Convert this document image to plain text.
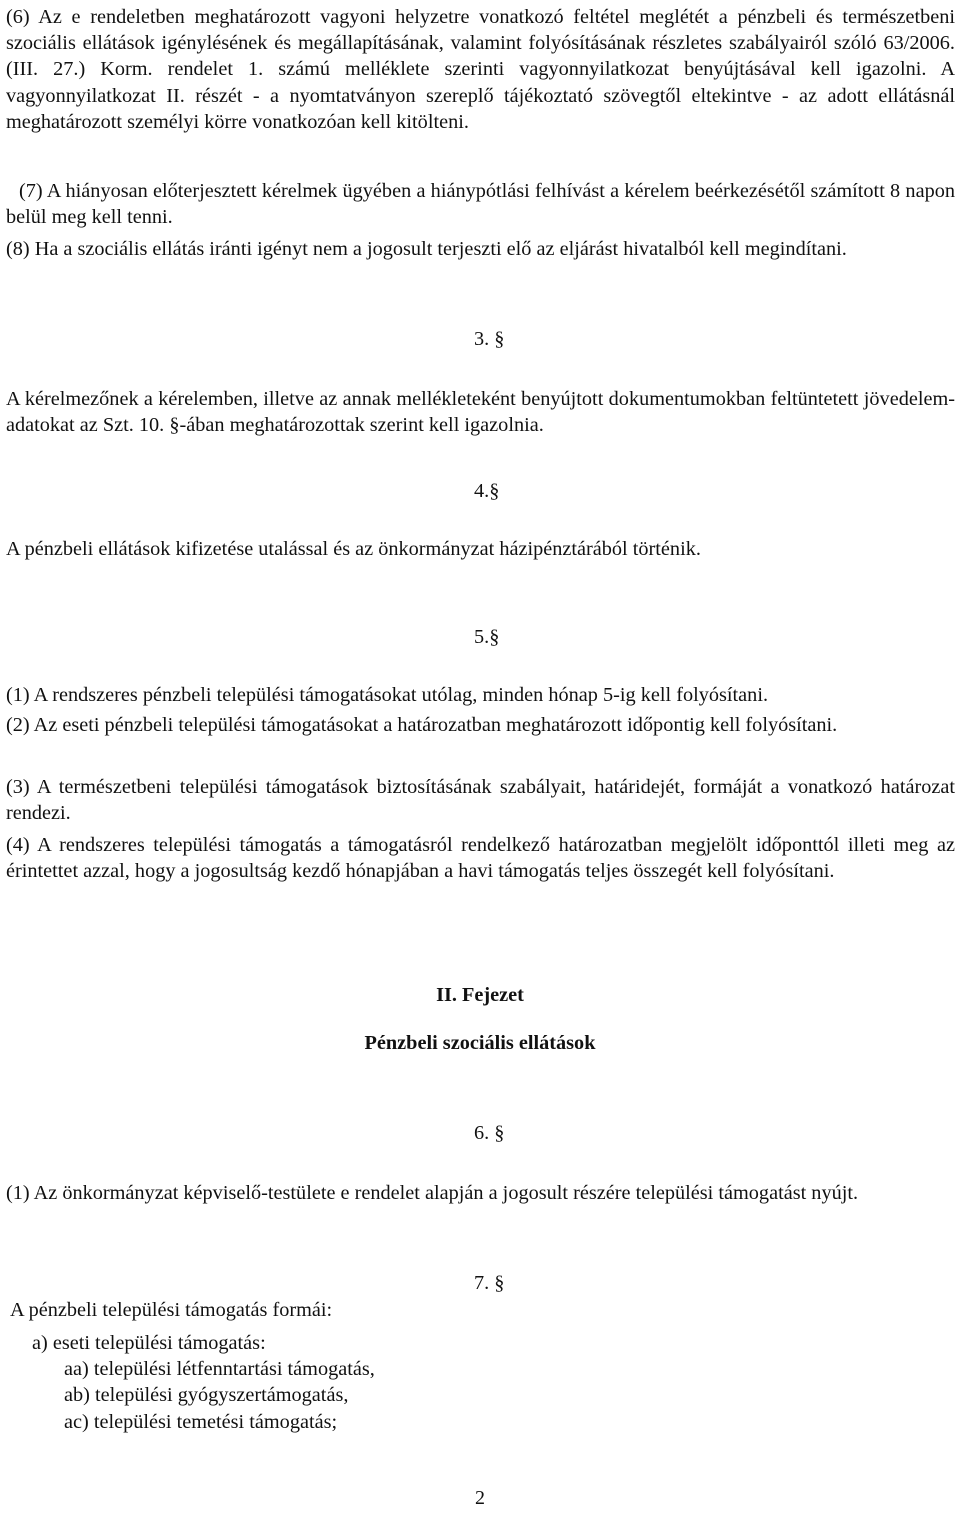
(6) Az e rendeletben meghatározott vagyoni helyzetre vonatkozó feltétel meglétét a pénzbeli és természetbeni szociális ellátások igénylésének és megállapításának, valamint folyósításának részletes szabályairól szóló 63/2006. (III. 27.) Korm. rendelet 1. számú melléklete szerinti vagyonnyilatkozat benyújtásával kell igazolni. A vagyonnyilatkozat II. részét - a nyomtatványon szereplő tájékoztató szövegtől eltekintve - az adott ellátásnál meghatározott személyi körre vonatkozóan kell kitölteni.

(7) A hiányosan előterjesztett kérelmek ügyében a hiánypótlási felhívást a kérelem beérkezésétől számított 8 napon belül meg kell tenni.

(8) Ha a szociális ellátás iránti igényt nem a jogosult terjeszti elő az eljárást hivatalból kell megindítani.

3. §

A kérelmezőnek a kérelemben, illetve az annak mellékleteként benyújtott dokumentumokban feltüntetett jövedelem-adatokat az Szt. 10. §-ában meghatározottak szerint kell igazolnia.

4.§

A pénzbeli ellátások kifizetése utalással és az önkormányzat házipénztárából történik.

5.§

(1) A rendszeres pénzbeli települési támogatásokat utólag, minden hónap 5-ig kell folyósítani.

(2) Az eseti pénzbeli települési támogatásokat a határozatban meghatározott időpontig kell folyósítani.

(3) A természetbeni települési támogatások biztosításának szabályait, határidejét, formáját a vonatkozó határozat rendezi.

(4) A rendszeres települési támogatás a támogatásról rendelkező határozatban megjelölt időponttól illeti meg az érintettet azzal, hogy a jogosultság kezdő hónapjában a havi támogatás teljes összegét kell folyósítani.

II. Fejezet

Pénzbeli szociális ellátások

6. §

(1) Az önkormányzat képviselő-testülete e rendelet alapján a jogosult részére települési támogatást nyújt.

7. §

A pénzbeli települési támogatás formái:

a) eseti települési támogatás:
aa) települési létfenntartási támogatás,
ab) települési gyógyszertámogatás,
ac) települési temetési támogatás;
2
